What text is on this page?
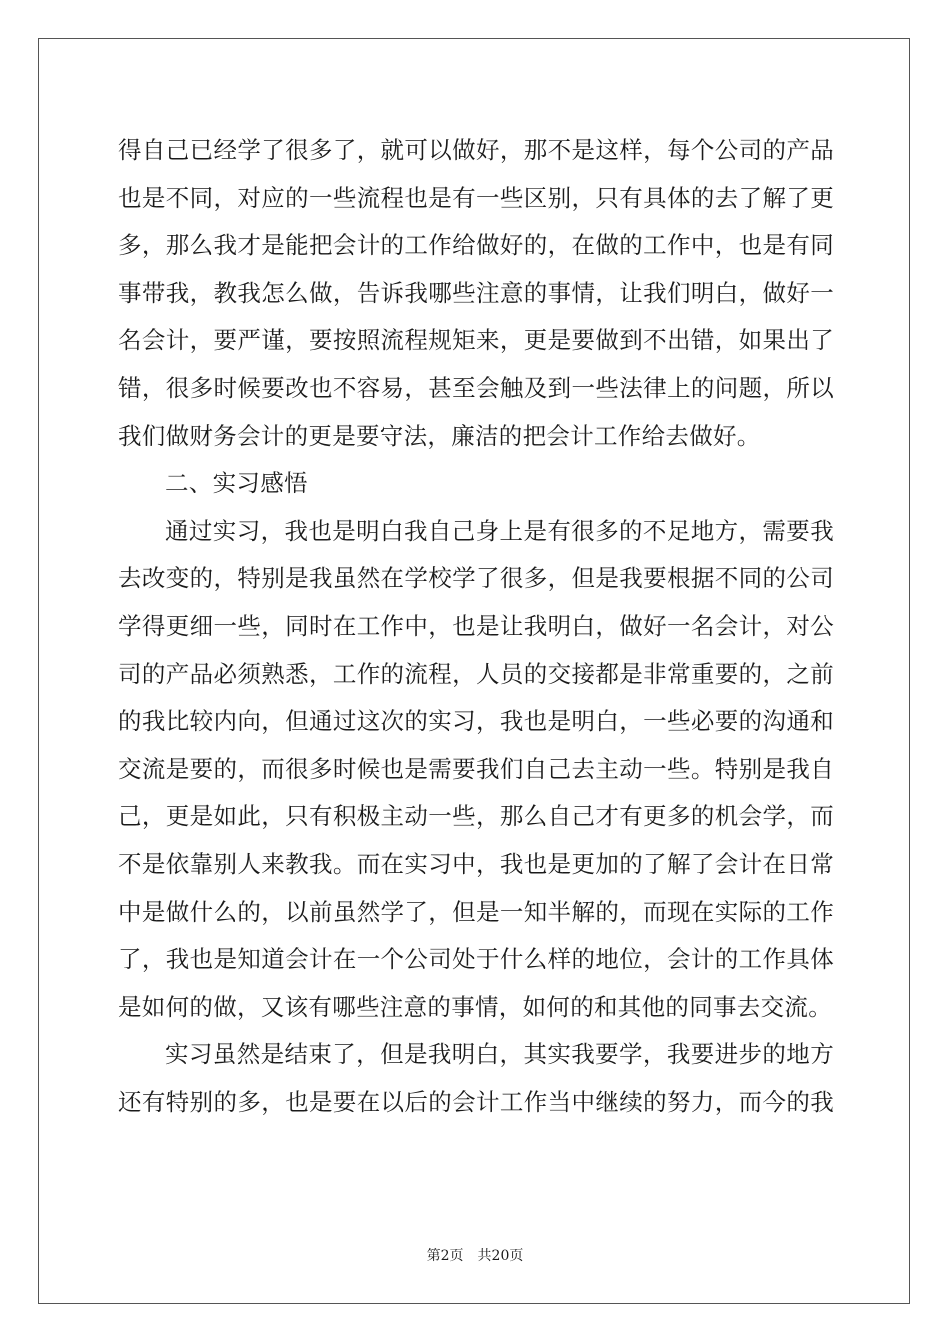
得自己已经学了很多了，就可以做好，那不是这样，每个公司的产品
也是不同，对应的一些流程也是有一些区别，只有具体的去了解了更
多，那么我才是能把会计的工作给做好的，在做的工作中，也是有同
事带我，教我怎么做，告诉我哪些注意的事情，让我们明白，做好一
名会计，要严谨，要按照流程规矩来，更是要做到不出错，如果出了
错，很多时候要改也不容易，甚至会触及到一些法律上的问题，所以
我们做财务会计的更是要守法，廉洁的把会计工作给去做好。
二、实习感悟
通过实习，我也是明白我自己身上是有很多的不足地方，需要我
去改变的，特别是我虽然在学校学了很多，但是我要根据不同的公司
学得更细一些，同时在工作中，也是让我明白，做好一名会计，对公
司的产品必须熟悉，工作的流程，人员的交接都是非常重要的，之前
的我比较内向，但通过这次的实习，我也是明白，一些必要的沟通和
交流是要的，而很多时候也是需要我们自己去主动一些。特别是我自
己，更是如此，只有积极主动一些，那么自己才有更多的机会学，而
不是依靠别人来教我。而在实习中，我也是更加的了解了会计在日常
中是做什么的，以前虽然学了，但是一知半解的，而现在实际的工作
了，我也是知道会计在一个公司处于什么样的地位，会计的工作具体
是如何的做，又该有哪些注意的事情，如何的和其他的同事去交流。
实习虽然是结束了，但是我明白，其实我要学，我要进步的地方
还有特别的多，也是要在以后的会计工作当中继续的努力，而今的我
第2页 共20页
